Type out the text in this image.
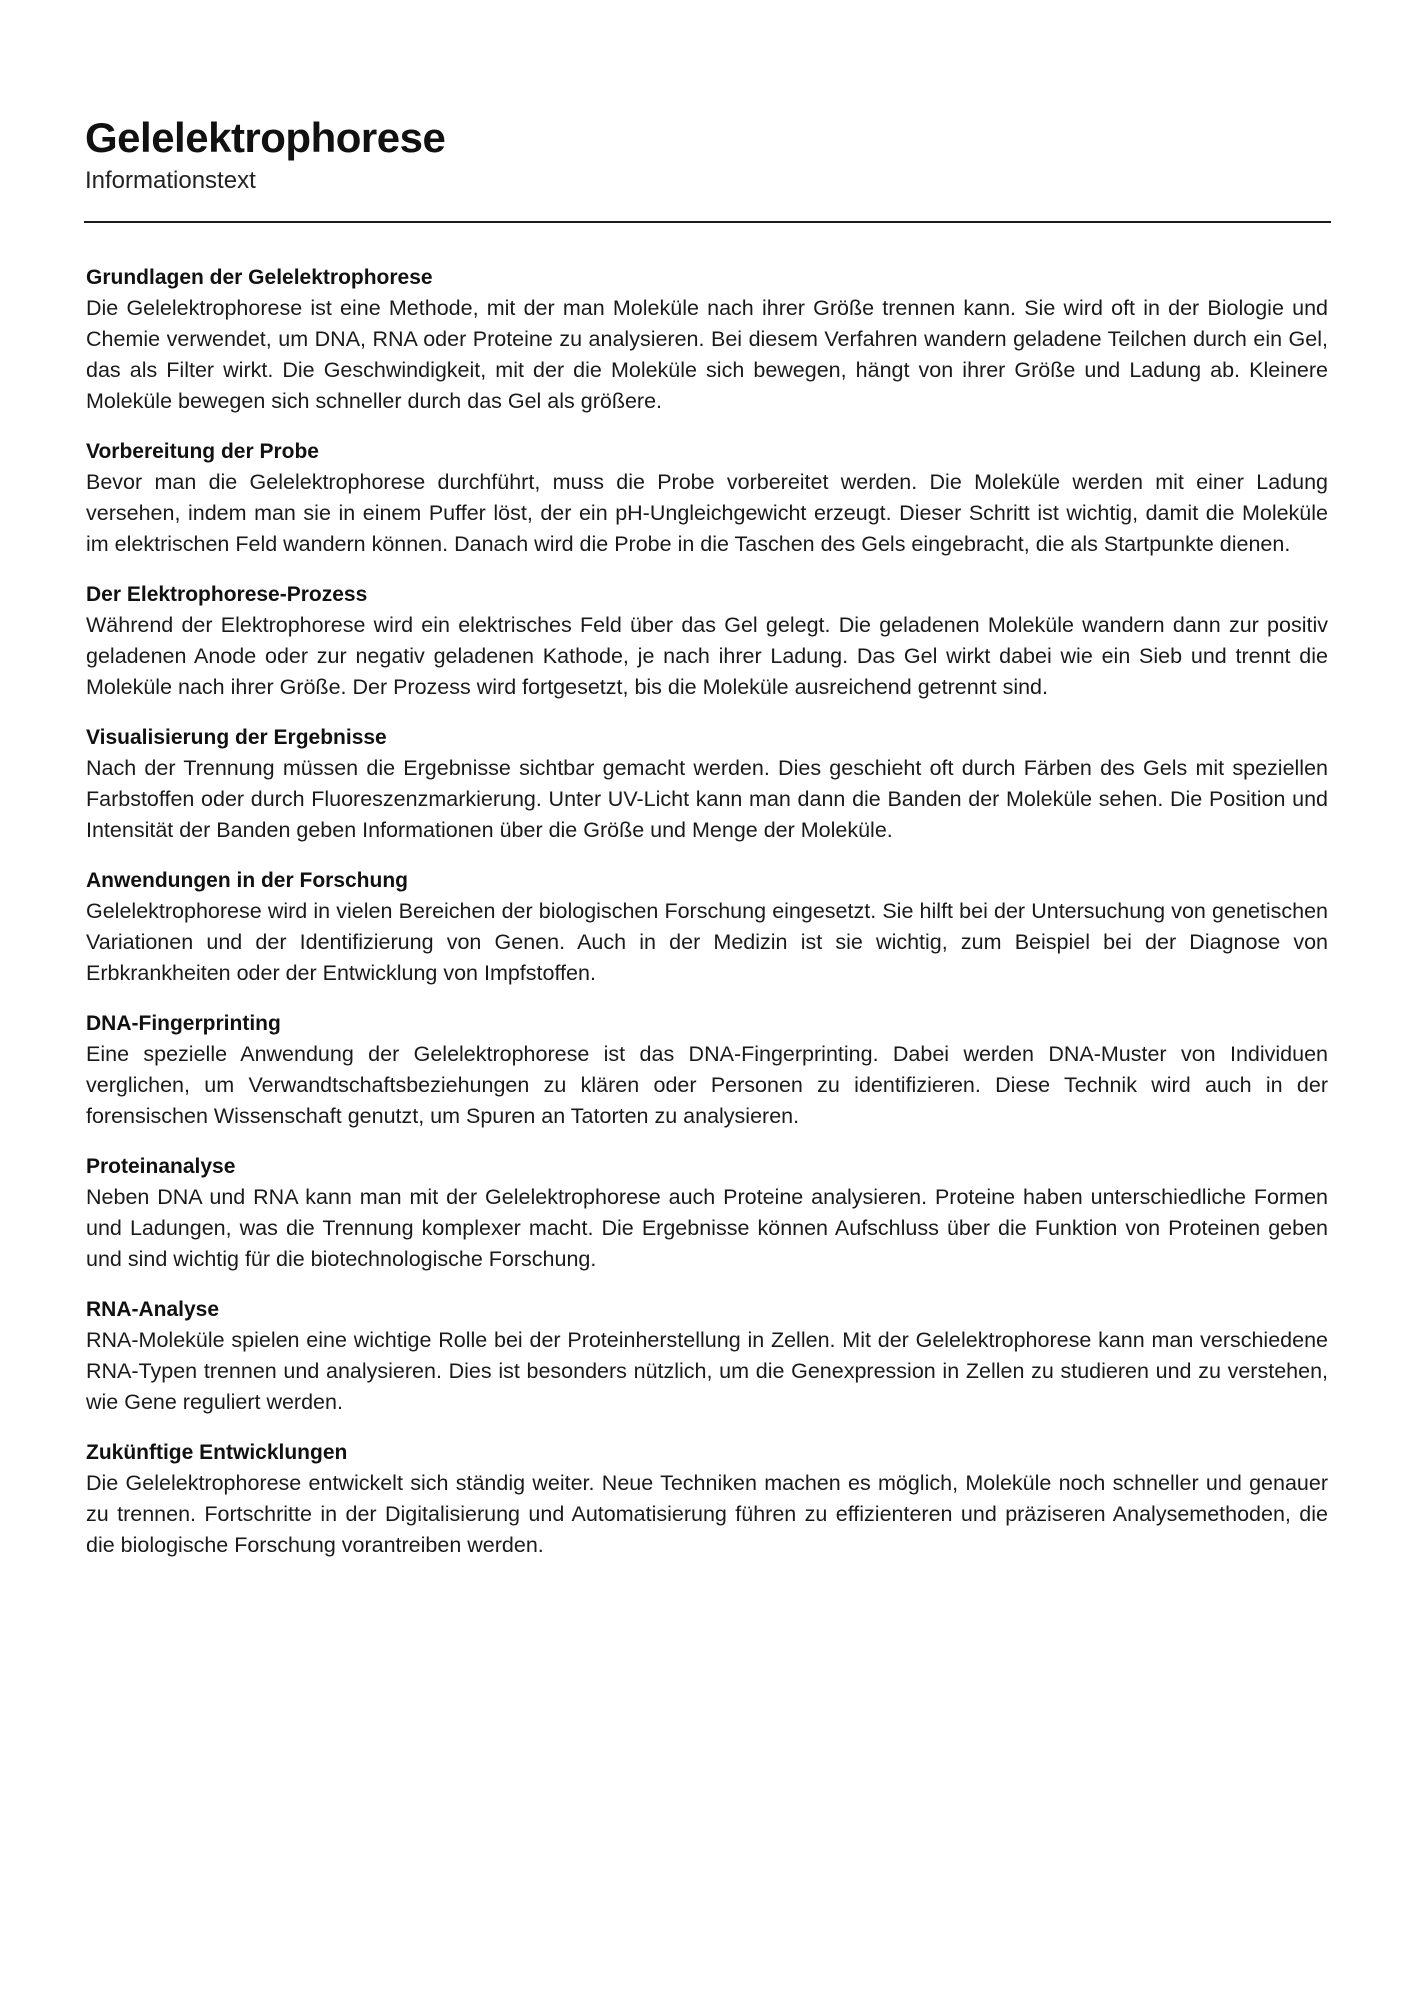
Gelelektrophorese
Informationstext
Grundlagen der Gelelektrophorese

Die Gelelektrophorese ist eine Methode, mit der man Moleküle nach ihrer Größe trennen kann. Sie wird oft in der Biologie und Chemie verwendet, um DNA, RNA oder Proteine zu analysieren. Bei diesem Verfahren wandern geladene Teilchen durch ein Gel, das als Filter wirkt. Die Geschwindigkeit, mit der die Moleküle sich bewegen, hängt von ihrer Größe und Ladung ab. Kleinere Moleküle bewegen sich schneller durch das Gel als größere.

Vorbereitung der Probe

Bevor man die Gelelektrophorese durchführt, muss die Probe vorbereitet werden. Die Moleküle werden mit einer Ladung versehen, indem man sie in einem Puffer löst, der ein pH-Ungleichgewicht erzeugt. Dieser Schritt ist wichtig, damit die Moleküle im elektrischen Feld wandern können. Danach wird die Probe in die Taschen des Gels eingebracht, die als Startpunkte dienen.

Der Elektrophorese-Prozess

Während der Elektrophorese wird ein elektrisches Feld über das Gel gelegt. Die geladenen Moleküle wandern dann zur positiv geladenen Anode oder zur negativ geladenen Kathode, je nach ihrer Ladung. Das Gel wirkt dabei wie ein Sieb und trennt die Moleküle nach ihrer Größe. Der Prozess wird fortgesetzt, bis die Moleküle ausreichend getrennt sind.

Visualisierung der Ergebnisse

Nach der Trennung müssen die Ergebnisse sichtbar gemacht werden. Dies geschieht oft durch Färben des Gels mit speziellen Farbstoffen oder durch Fluoreszenzmarkierung. Unter UV-Licht kann man dann die Banden der Moleküle sehen. Die Position und Intensität der Banden geben Informationen über die Größe und Menge der Moleküle.

Anwendungen in der Forschung

Gelelektrophorese wird in vielen Bereichen der biologischen Forschung eingesetzt. Sie hilft bei der Untersuchung von genetischen Variationen und der Identifizierung von Genen. Auch in der Medizin ist sie wichtig, zum Beispiel bei der Diagnose von Erbkrankheiten oder der Entwicklung von Impfstoffen.

DNA-Fingerprinting

Eine spezielle Anwendung der Gelelektrophorese ist das DNA-Fingerprinting. Dabei werden DNA-Muster von Individuen verglichen, um Verwandtschaftsbeziehungen zu klären oder Personen zu identifizieren. Diese Technik wird auch in der forensischen Wissenschaft genutzt, um Spuren an Tatorten zu analysieren.

Proteinanalyse

Neben DNA und RNA kann man mit der Gelelektrophorese auch Proteine analysieren. Proteine haben unterschiedliche Formen und Ladungen, was die Trennung komplexer macht. Die Ergebnisse können Aufschluss über die Funktion von Proteinen geben und sind wichtig für die biotechnologische Forschung.

RNA-Analyse

RNA-Moleküle spielen eine wichtige Rolle bei der Proteinherstellung in Zellen. Mit der Gelelektrophorese kann man verschiedene RNA-Typen trennen und analysieren. Dies ist besonders nützlich, um die Genexpression in Zellen zu studieren und zu verstehen, wie Gene reguliert werden.

Zukünftige Entwicklungen

Die Gelelektrophorese entwickelt sich ständig weiter. Neue Techniken machen es möglich, Moleküle noch schneller und genauer zu trennen. Fortschritte in der Digitalisierung und Automatisierung führen zu effizienteren und präziseren Analysemethoden, die die biologische Forschung vorantreiben werden.
